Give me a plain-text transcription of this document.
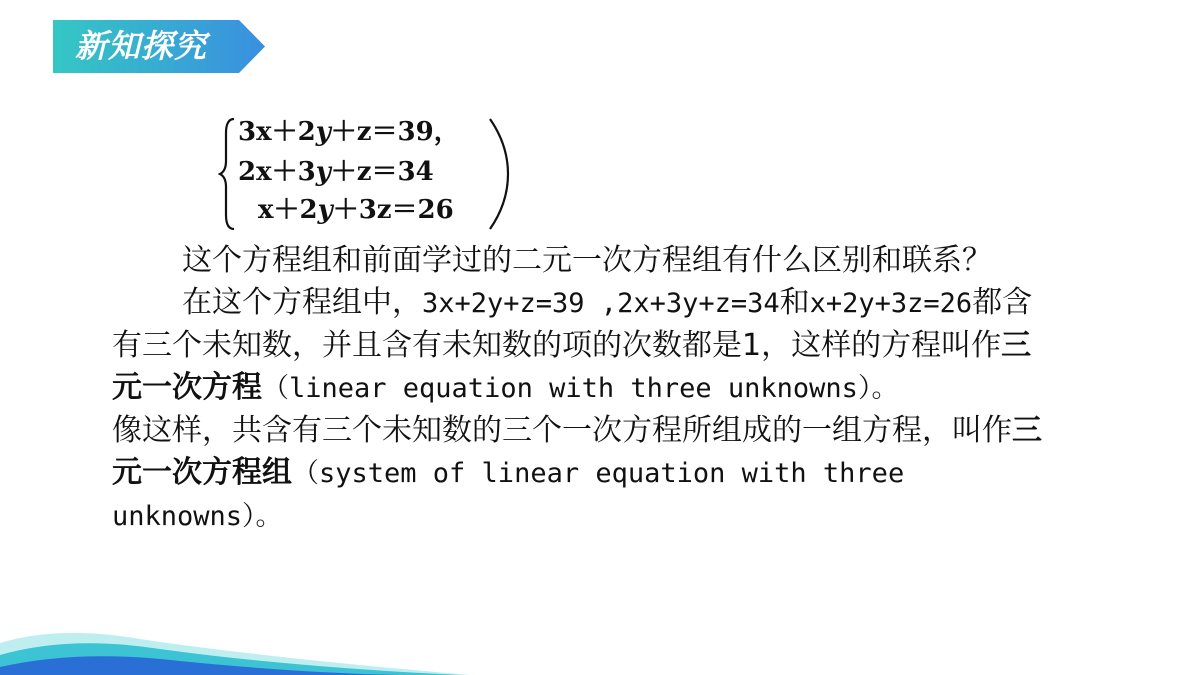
新知探究
3x＋2y＋z＝39，
2x＋3y＋z＝34
x＋2y＋3z＝26

这个方程组和前面学过的二元一次方程组有什么区别和联系？

在这个方程组中，3x+2y+z=39 ,2x+3y+z=34和x+2y+3z=26都含有三个未知数，并且含有未知数的项的次数都是1，这样的方程叫作三元一次方程（linear equation with three unknowns）。

像这样，共含有三个未知数的三个一次方程所组成的一组方程，叫作三元一次方程组（system of linear equation with three unknowns）。
